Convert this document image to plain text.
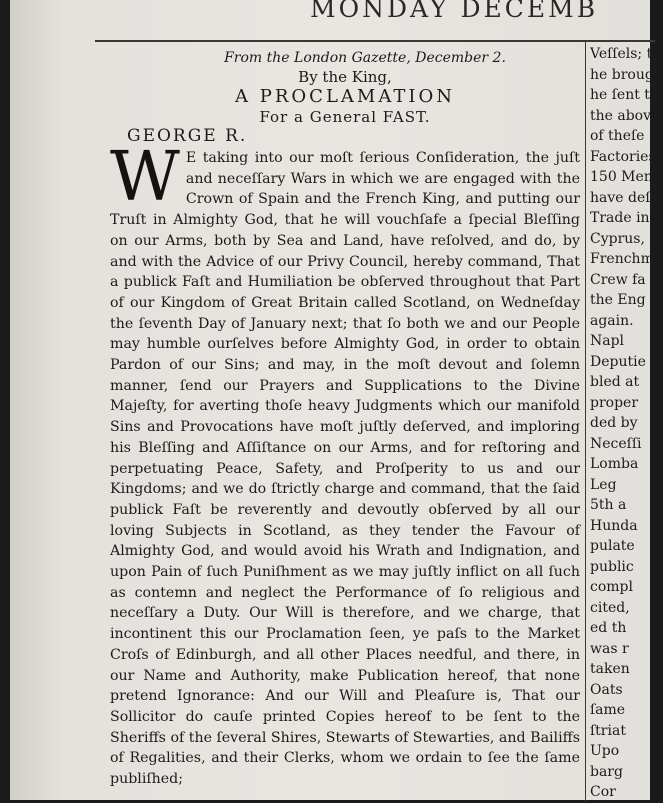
MONDAY DECEMB
From the London Gazette, December 2.
By the King,
A PROCLAMATION
For a General FAST.
GEORGE R.
W E taking into our moſt ſerious Conſideration, the juſt and neceſſary Wars in which we are engaged with the Crown of Spain and the French King, and putting our Truſt in Almighty God, that he will vouchſafe a ſpecial Bleſſing on our Arms, both by Sea and Land, have reſolved, and do, by and with the Advice of our Privy Council, hereby command, That a publick Faſt and Humiliation be obſerved throughout that Part of our Kingdom of Great Britain called Scotland, on Wedneſday the ſeventh Day of January next; that ſo both we and our People may humble ourſelves before Almighty God, in order to obtain Pardon of our Sins; and may, in the moſt devout and ſolemn manner, ſend our Prayers and Supplications to the Divine Majeſty, for averting thoſe heavy Judgments which our manifold Sins and Provocations have moſt juſtly deſerved, and imploring his Bleſſing and Aſſiſtance on our Arms, and for reſtoring and perpetuating Peace, Safety, and Proſperity to us and our Kingdoms; and we do ſtrictly charge and command, that the ſaid publick Faſt be reverently and devoutly obſerved by all our loving Subjects in Scotland, as they tender the Favour of Almighty God, and would avoid his Wrath and Indignation, and upon Pain of ſuch Puniſhment as we may juſtly inflict on all ſuch as contemn and neglect the Performance of ſo religious and neceſſary a Duty. Our Will is therefore, and we charge, that incontinent this our Proclamation ſeen, ye paſs to the Market Croſs of Edinburgh, and all other Places needful, and there, in our Name and Authority, make Publication hereof, that none pretend Ignorance: And our Will and Pleaſure is, That our Sollicitor do cauſe printed Copies hereof to be ſent to the Sheriffs of the ſeveral Shires, Stewarts of Stewarties, and Bailiffs of Regalities, and their Clerks, whom we ordain to ſee the ſame publiſhed;
Veſſels; t
he brough
he ſent to
the above
of theſe
Factories
150 Men
have deſt
Trade in
Cyprus,
Frenchm
Crew fa
the Eng
again.
Napl
Deputie
bled at
proper
ded by
Neceſſi
Lomba
Leg
5th a
Hunda
pulate
public
compl
cited,
ed th
was r
taken
Oats
ſame
ſtriat
Upo
barg
Cor
